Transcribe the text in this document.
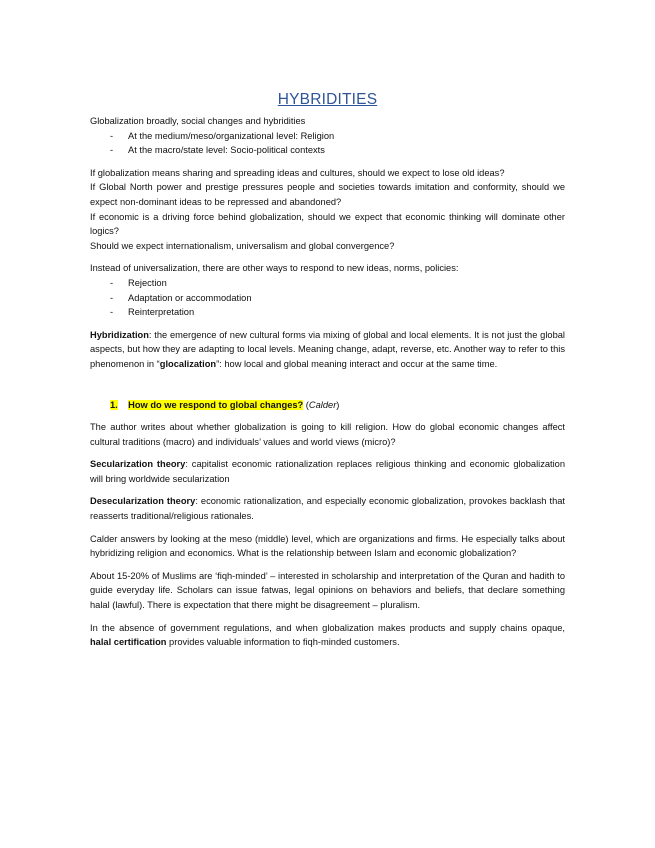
HYBRIDITIES

Globalization broadly, social changes and hybridities

- At the medium/meso/organizational level: Religion
- At the macro/state level: Socio-political contexts

If globalization means sharing and spreading ideas and cultures, should we expect to lose old ideas?

If Global North power and prestige pressures people and societies towards imitation and conformity, should we expect non-dominant ideas to be repressed and abandoned?

If economic is a driving force behind globalization, should we expect that economic thinking will dominate other logics?

Should we expect internationalism, universalism and global convergence?

Instead of universalization, there are other ways to respond to new ideas, norms, policies:

- Rejection
- Adaptation or accommodation
- Reinterpretation

Hybridization: the emergence of new cultural forms via mixing of global and local elements. It is not just the global aspects, but how they are adapting to local levels. Meaning change, adapt, reverse, etc. Another way to refer to this phenomenon in “glocalization”: how local and global meaning interact and occur at the same time.

1. How do we respond to global changes? (Calder)

The author writes about whether globalization is going to kill religion. How do global economic changes affect cultural traditions (macro) and individuals’ values and world views (micro)?

Secularization theory: capitalist economic rationalization replaces religious thinking and economic globalization will bring worldwide secularization

Desecularization theory: economic rationalization, and especially economic globalization, provokes backlash that reasserts traditional/religious rationales.

Calder answers by looking at the meso (middle) level, which are organizations and firms. He especially talks about hybridizing religion and economics. What is the relationship between Islam and economic globalization?

About 15-20% of Muslims are ‘fiqh-minded’ – interested in scholarship and interpretation of the Quran and hadith to guide everyday life. Scholars can issue fatwas, legal opinions on behaviors and beliefs, that declare something halal (lawful). There is expectation that there might be disagreement – pluralism.

In the absence of government regulations, and when globalization makes products and supply chains opaque, halal certification provides valuable information to fiqh-minded customers.
